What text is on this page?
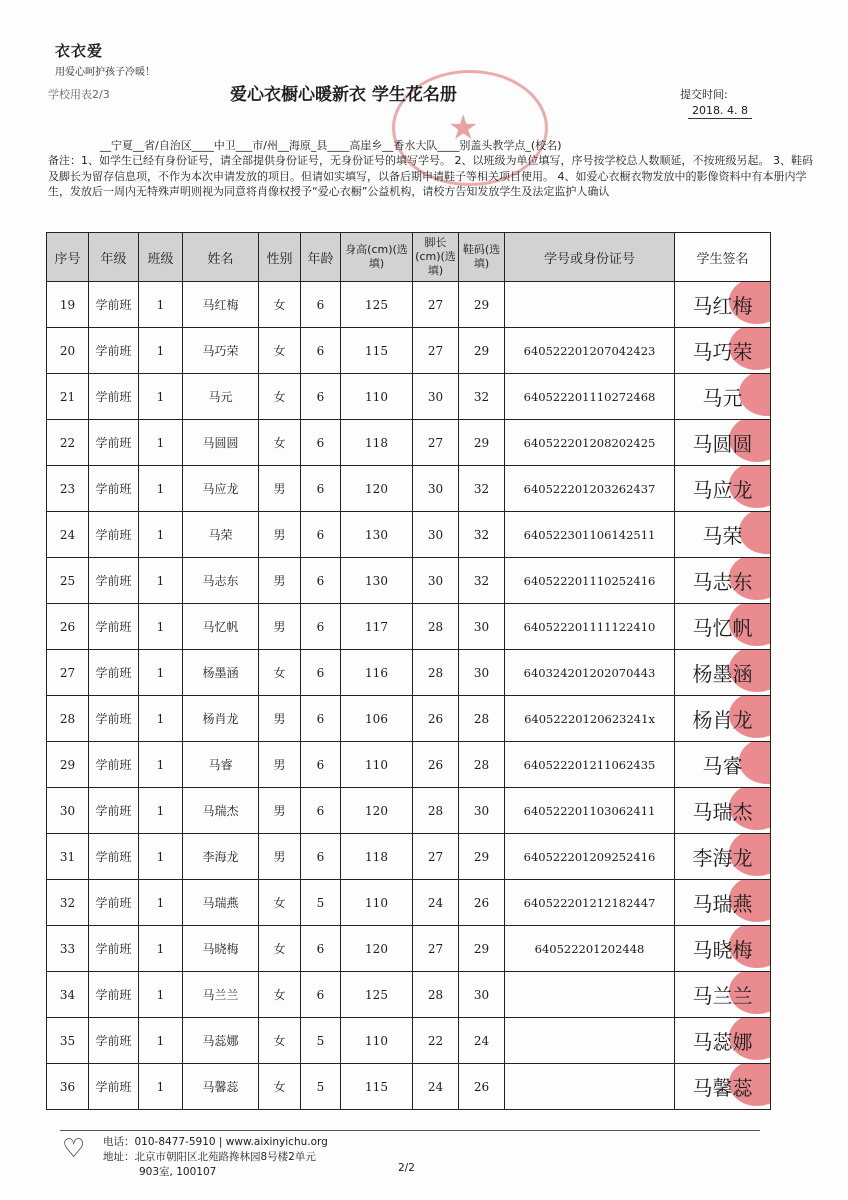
衣衣爱
用爱心呵护孩子冷暖！
学校用表2/3
★
爱心衣橱心暖新衣 学生花名册	提交时间:
2018. 4. 8
__宁夏__省/自治区____中卫___市/州__海原_县____高崖乡__香水大队____别盖头教学点_(校名)
备注：1、如学生已经有身份证号，请全部提供身份证号，无身份证号的填写学号。 2、以班级为单位填写，序号按学校总人数顺延，不按班级另起。 3、鞋码及脚长为留存信息项，不作为本次申请发放的项目。但请如实填写，以备后期申请鞋子等相关项目使用。 4、如爱心衣橱衣物发放中的影像资料中有本册内学生，发放后一周内无特殊声明则视为同意将肖像权授予“爱心衣橱”公益机构，请校方告知发放学生及法定监护人确认
序号	年级	班级	姓名	性别	年龄	身高(cm)(选填)	脚长(cm)(选填)	鞋码(选填)	学号或身份证号	学生签名
19	学前班	1	马红梅	女	6	125	27	29		马红梅
20	学前班	1	马巧荣	女	6	115	27	29	640522201207042423	马巧荣
21	学前班	1	马元	女	6	110	30	32	640522201110272468	马元
22	学前班	1	马圆圆	女	6	118	27	29	640522201208202425	马圆圆
23	学前班	1	马应龙	男	6	120	30	32	640522201203262437	马应龙
24	学前班	1	马荣	男	6	130	30	32	640522301106142511	马荣
25	学前班	1	马志东	男	6	130	30	32	640522201110252416	马志东
26	学前班	1	马忆帆	男	6	117	28	30	640522201111122410	马忆帆
27	学前班	1	杨墨涵	女	6	116	28	30	640324201202070443	杨墨涵
28	学前班	1	杨肖龙	男	6	106	26	28	64052220120623241x	杨肖龙
29	学前班	1	马睿	男	6	110	26	28	640522201211062435	马睿
30	学前班	1	马瑞杰	男	6	120	28	30	640522201103062411	马瑞杰
31	学前班	1	李海龙	男	6	118	27	29	640522201209252416	李海龙
32	学前班	1	马瑞燕	女	5	110	24	26	640522201212182447	马瑞燕
33	学前班	1	马晓梅	女	6	120	27	29	640522201202448	马晓梅
34	学前班	1	马兰兰	女	6	125	28	30		马兰兰
35	学前班	1	马蕊娜	女	5	110	22	24		马蕊娜
36	学前班	1	马馨蕊	女	5	115	24	26		马馨蕊
♡ 电话：010-8477-5910 | www.aixinyichu.org
地址：北京市朝阳区北苑路搀林园8号楼2单元
903室, 100107	2/2
